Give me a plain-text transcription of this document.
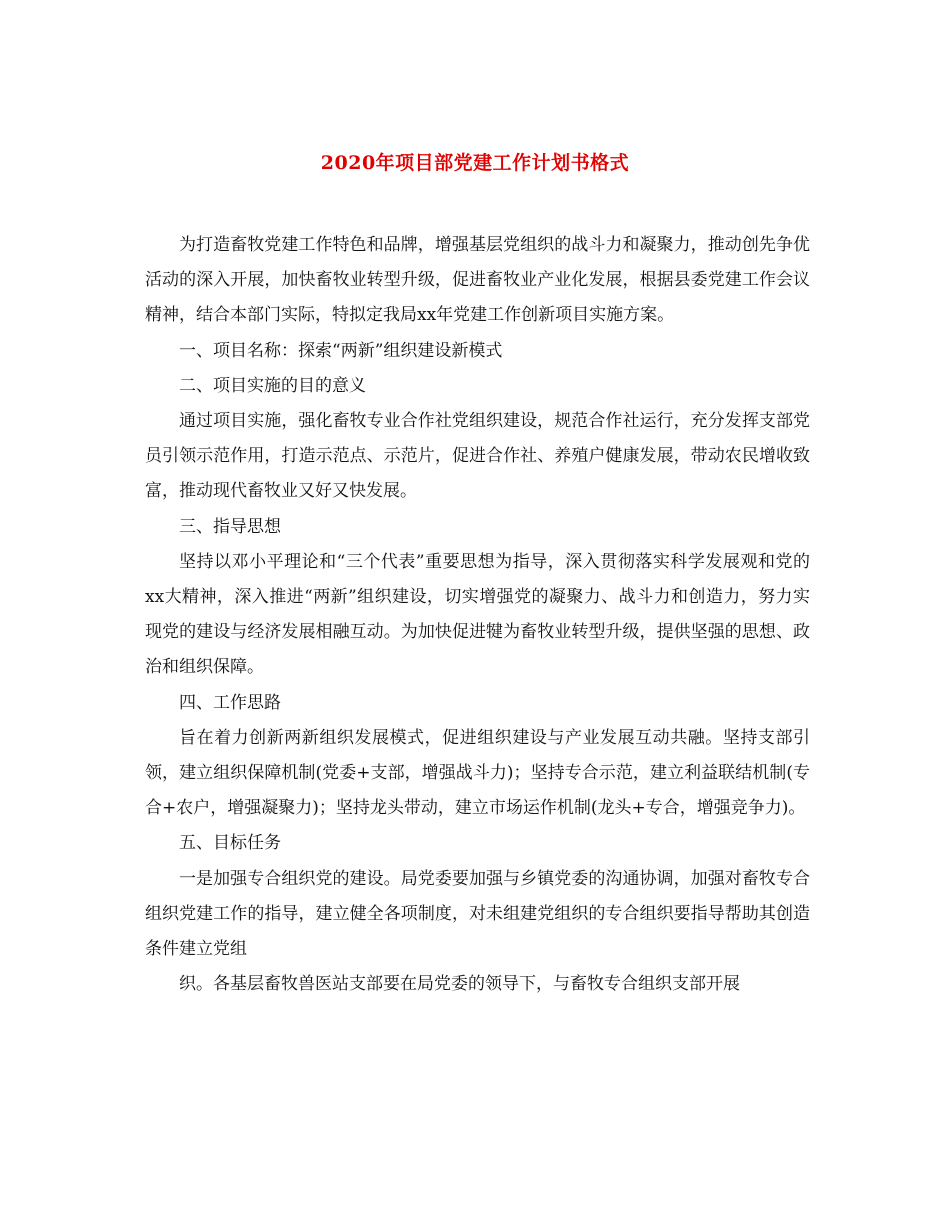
2020年项目部党建工作计划书格式

为打造畜牧党建工作特色和品牌，增强基层党组织的战斗力和凝聚力，推动创先争优活动的深入开展，加快畜牧业转型升级，促进畜牧业产业化发展，根据县委党建工作会议精神，结合本部门实际，特拟定我局xx年党建工作创新项目实施方案。

一、项目名称：探索“两新”组织建设新模式

二、项目实施的目的意义

通过项目实施，强化畜牧专业合作社党组织建设，规范合作社运行，充分发挥支部党员引领示范作用，打造示范点、示范片，促进合作社、养殖户健康发展，带动农民增收致富，推动现代畜牧业又好又快发展。

三、指导思想

坚持以邓小平理论和“三个代表”重要思想为指导，深入贯彻落实科学发展观和党的xx大精神，深入推进“两新”组织建设，切实增强党的凝聚力、战斗力和创造力，努力实现党的建设与经济发展相融互动。为加快促进犍为畜牧业转型升级，提供坚强的思想、政治和组织保障。

四、工作思路

旨在着力创新两新组织发展模式，促进组织建设与产业发展互动共融。坚持支部引领，建立组织保障机制(党委+支部，增强战斗力)；坚持专合示范，建立利益联结机制(专合+农户，增强凝聚力)；坚持龙头带动，建立市场运作机制(龙头+专合，增强竞争力)。

五、目标任务

一是加强专合组织党的建设。局党委要加强与乡镇党委的沟通协调，加强对畜牧专合组织党建工作的指导，建立健全各项制度，对未组建党组织的专合组织要指导帮助其创造条件建立党组

织。各基层畜牧兽医站支部要在局党委的领导下，与畜牧专合组织支部开展
